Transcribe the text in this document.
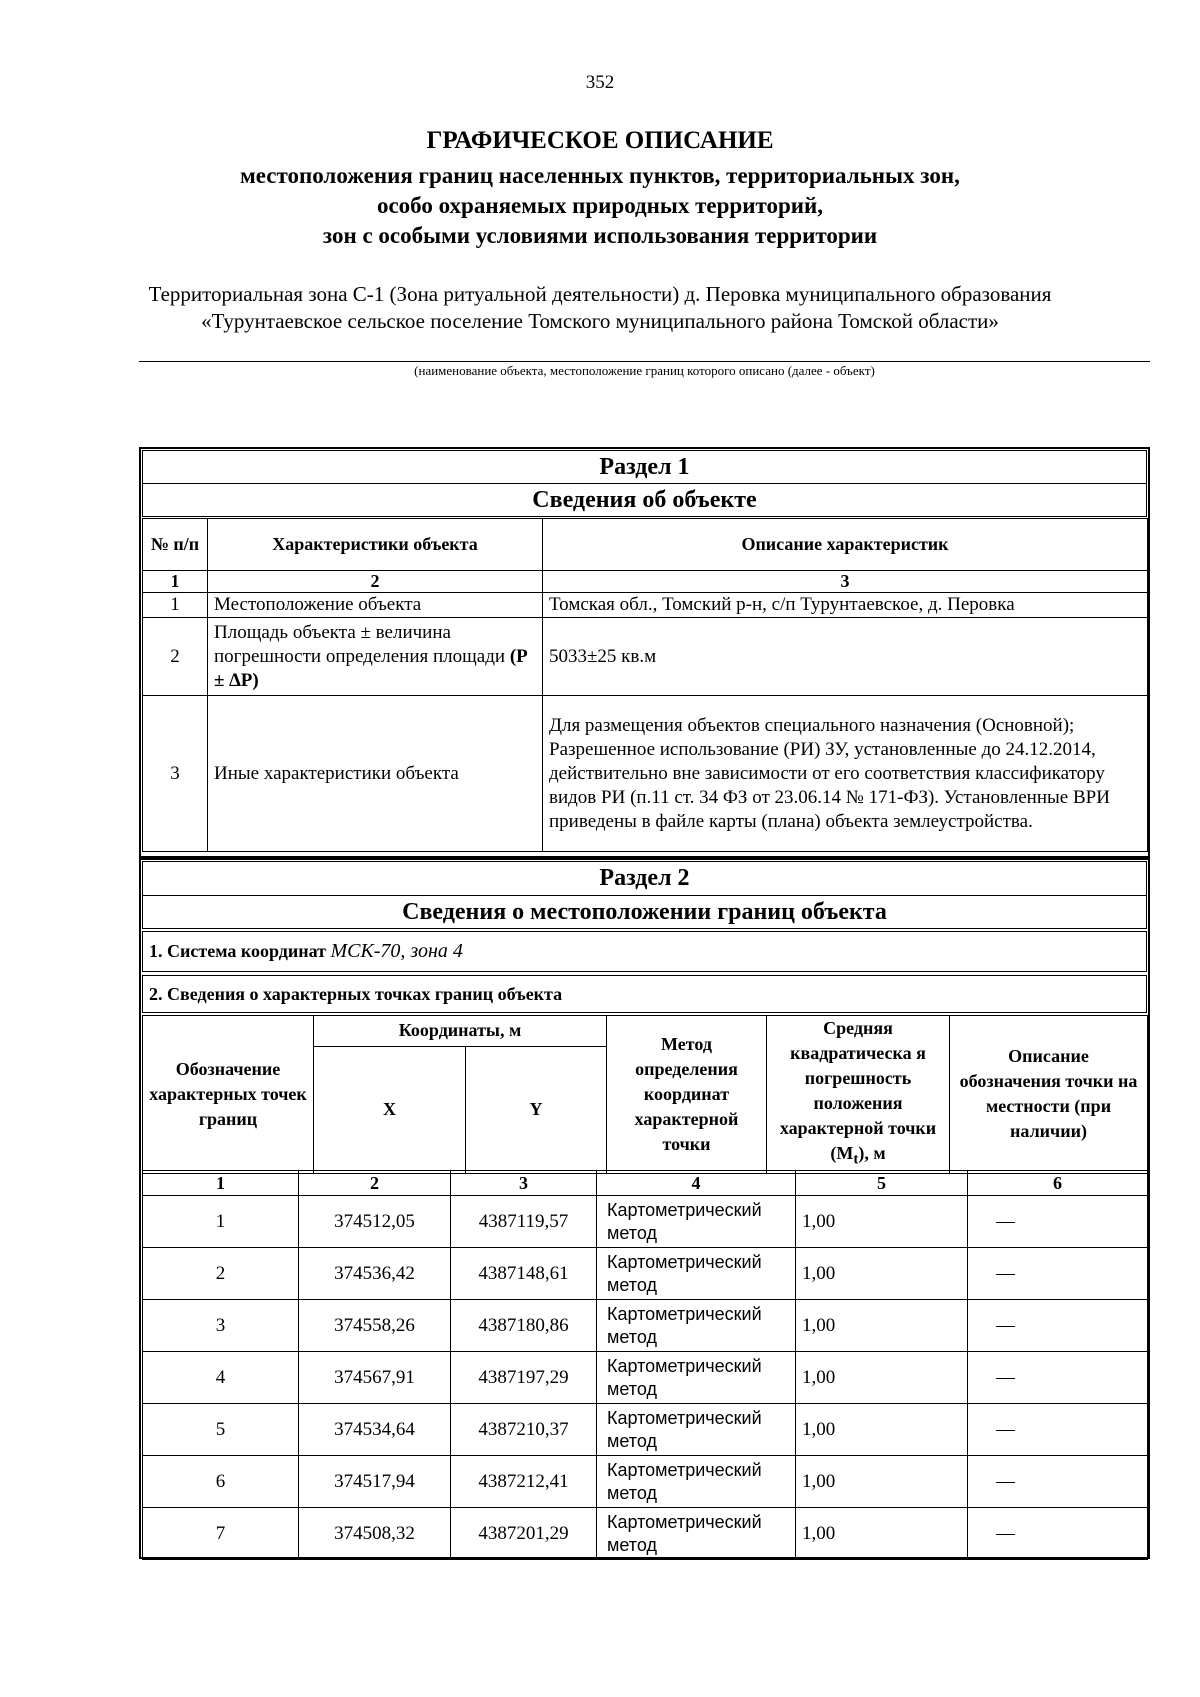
352
ГРАФИЧЕСКОЕ ОПИСАНИЕ
местоположения границ населенных пунктов, территориальных зон,
особо охраняемых природных территорий,
зон с особыми условиями использования территории
Территориальная зона С-1 (Зона ритуальной деятельности) д. Перовка муниципального образования «Турунтаевское сельское поселение Томского муниципального района Томской области»
(наименование объекта, местоположение границ которого описано (далее - объект)
Раздел 1
Сведения об объекте
№ п/п	Характеристики объекта	Описание характеристик
1	2	3
1	Местоположение объекта	Томская обл., Томский р-н, с/п Турунтаевское, д. Перовка
2	Площадь объекта ± величина погрешности определения площади (Р ± ∆Р)	5033±25 кв.м
3	Иные характеристики объекта	Для размещения объектов специального назначения (Основной); Разрешенное использование (РИ) ЗУ, установленные до 24.12.2014, действительно вне зависимости от его соответствия классификатору видов РИ (п.11 ст. 34 ФЗ от 23.06.14 № 171-ФЗ). Установленные ВРИ приведены в файле карты (плана) объекта землеустройства.
Раздел 2
Сведения о местоположении границ объекта
1. Система координат МСК-70, зона 4
2. Сведения о характерных точках границ объекта
Обозначение характерных точек границ	Координаты, м		Метод определения координат характерной точки	Средняя квадратическа я погрешность положения характерной точки $(M_t)$, м	Описание обозначения точки на местности (при наличии)
	X	Y			
1	2	3	4	5	6
1	374512,05	4387119,57	Картометрический метод	1,00	—
2	374536,42	4387148,61	Картометрический метод	1,00	—
3	374558,26	4387180,86	Картометрический метод	1,00	—
4	374567,91	4387197,29	Картометрический метод	1,00	—
5	374534,64	4387210,37	Картометрический метод	1,00	—
6	374517,94	4387212,41	Картометрический метод	1,00	—
7	374508,32	4387201,29	Картометрический метод	1,00	—
